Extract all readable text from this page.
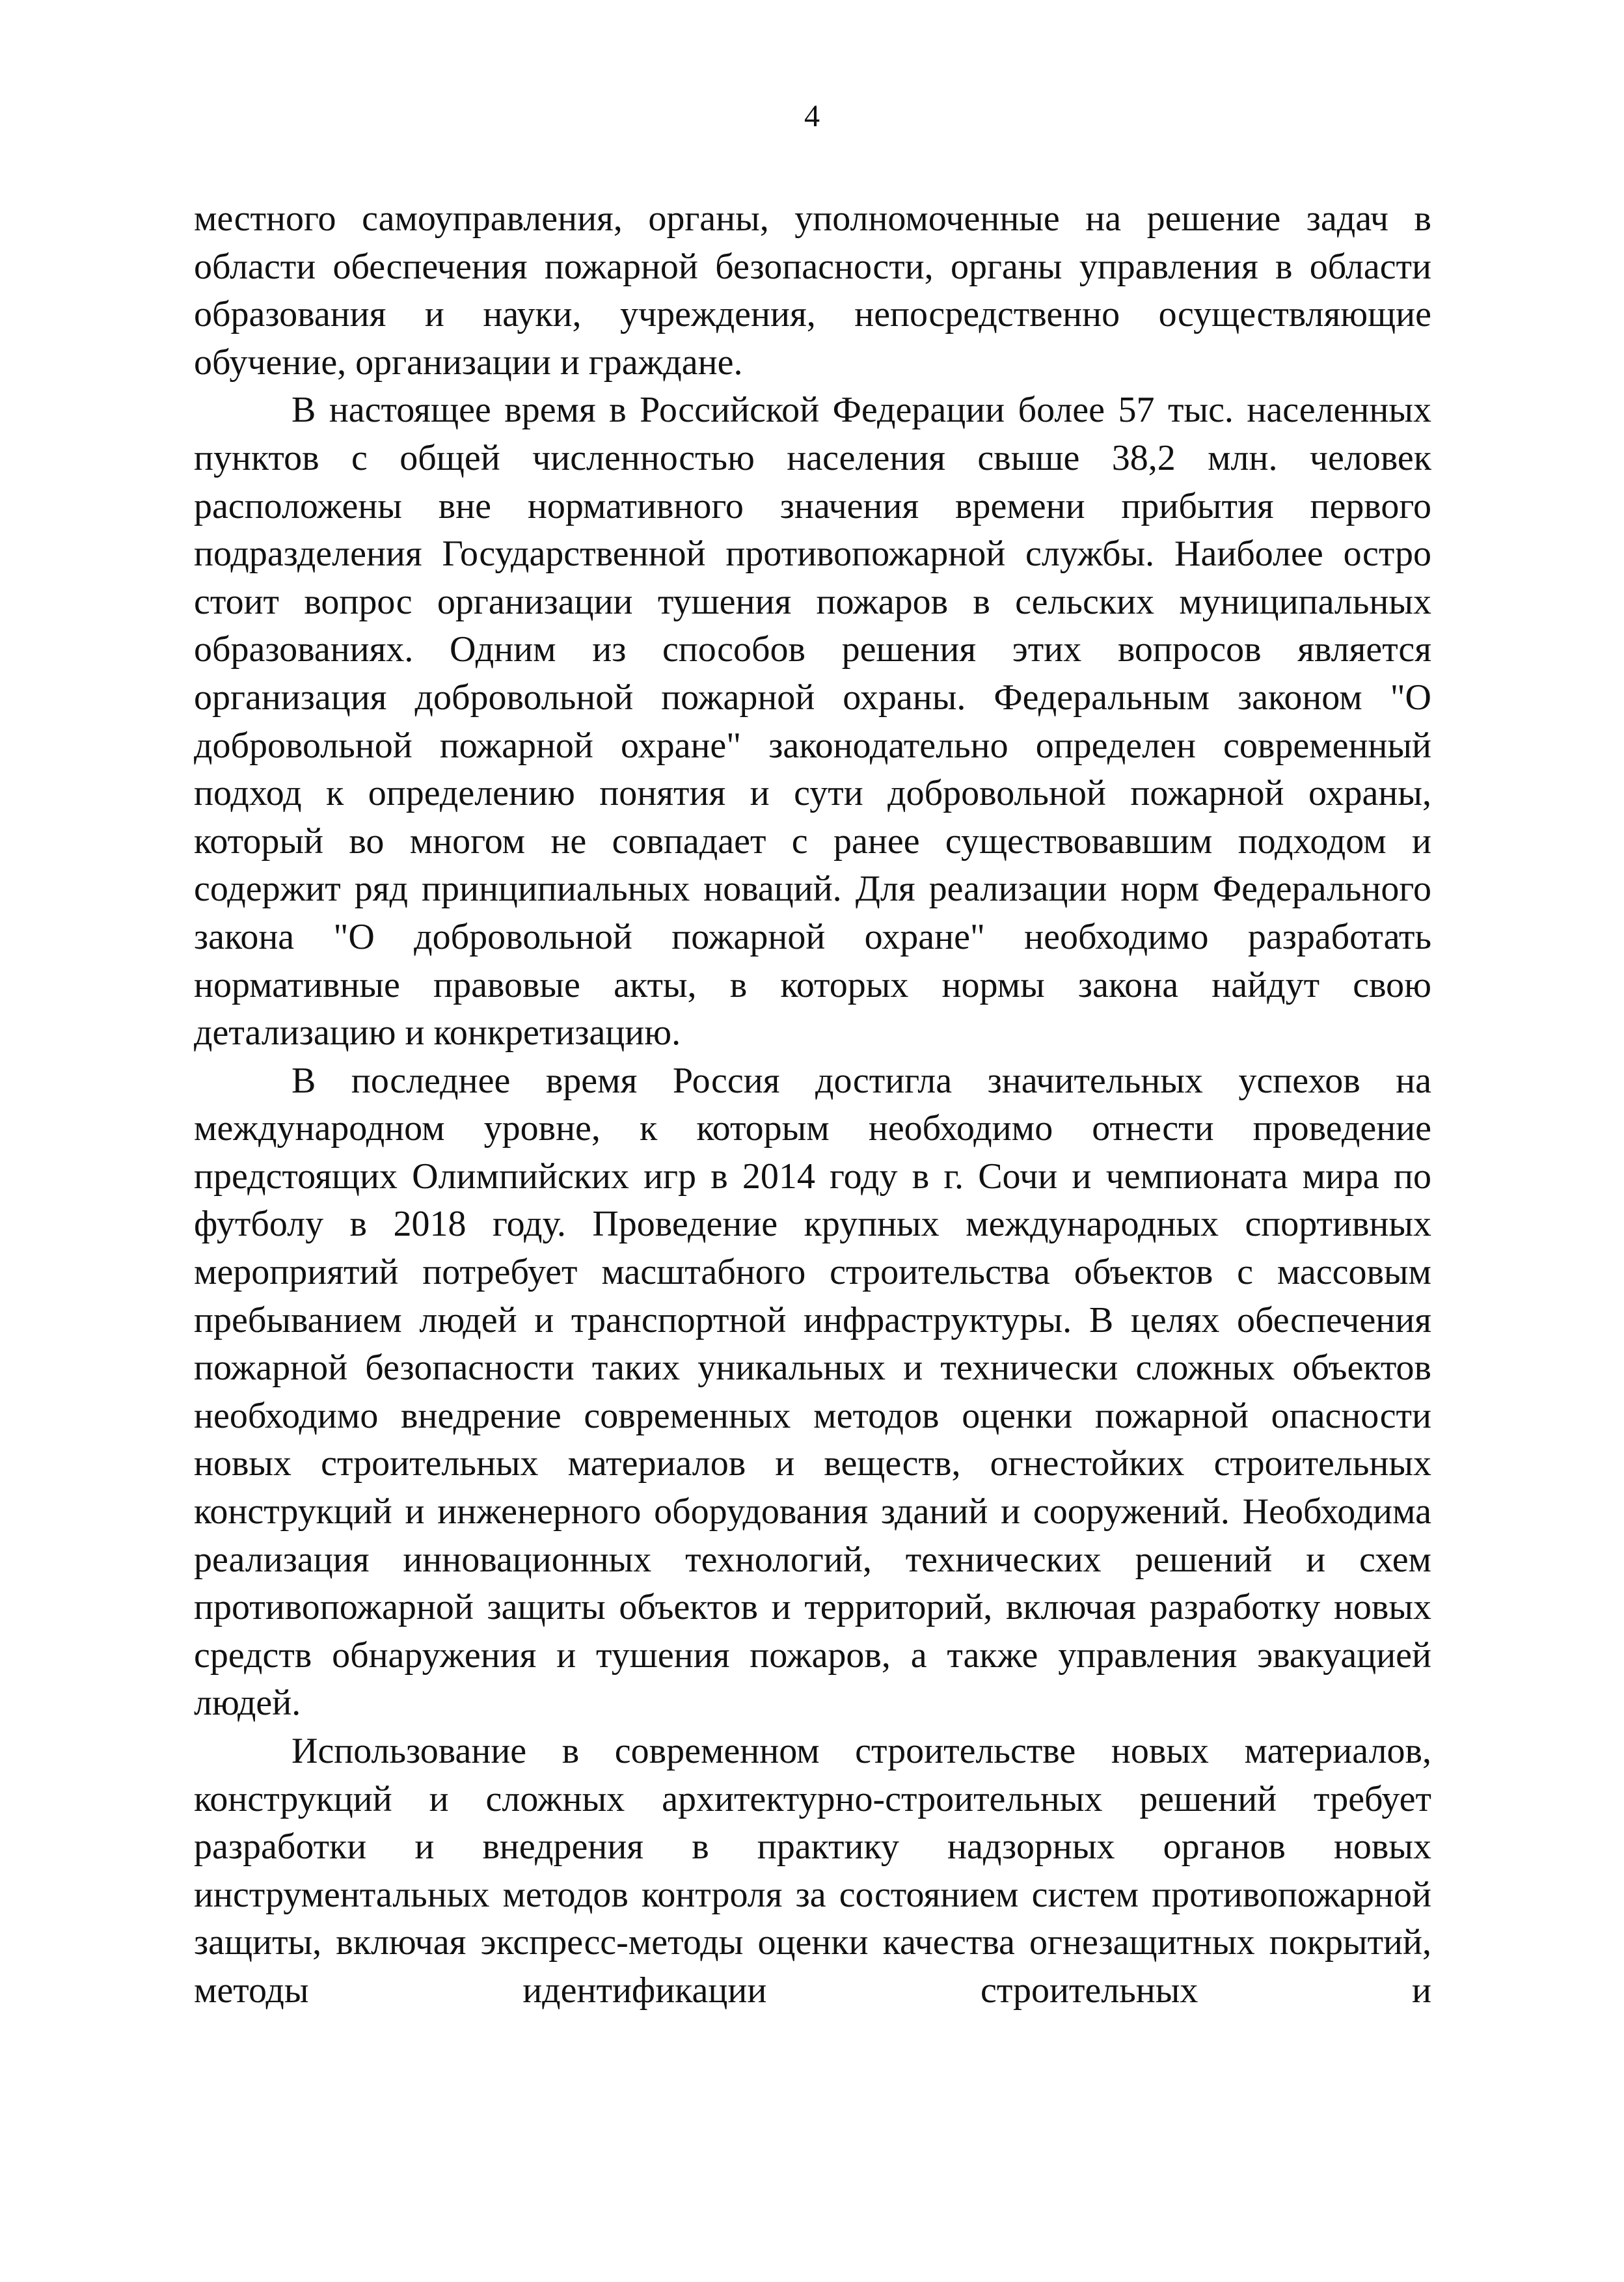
4

местного самоуправления, органы, уполномоченные на решение задач в области обеспечения пожарной безопасности, органы управления в области образования и науки, учреждения, непосредственно осуществляющие обучение, организации и граждане.

В настоящее время в Российской Федерации более 57 тыс. населенных пунктов с общей численностью населения свыше 38,2 млн. человек расположены вне нормативного значения времени прибытия первого подразделения Государственной противопожарной службы. Наиболее остро стоит вопрос организации тушения пожаров в сельских муниципальных образованиях. Одним из способов решения этих вопросов является организация добровольной пожарной охраны. Федеральным законом "О добровольной пожарной охране" законодательно определен современный подход к определению понятия и сути добровольной пожарной охраны, который во многом не совпадает с ранее существовавшим подходом и содержит ряд принципиальных новаций. Для реализации норм Федерального закона "О добровольной пожарной охране" необходимо разработать нормативные правовые акты, в которых нормы закона найдут свою детализацию и конкретизацию.

В последнее время Россия достигла значительных успехов на международном уровне, к которым необходимо отнести проведение предстоящих Олимпийских игр в 2014 году в г. Сочи и чемпионата мира по футболу в 2018 году. Проведение крупных международных спортивных мероприятий потребует масштабного строительства объектов с массовым пребыванием людей и транспортной инфраструктуры. В целях обеспечения пожарной безопасности таких уникальных и технически сложных объектов необходимо внедрение современных методов оценки пожарной опасности новых строительных материалов и веществ, огнестойких строительных конструкций и инженерного оборудования зданий и сооружений. Необходима реализация инновационных технологий, технических решений и схем противопожарной защиты объектов и территорий, включая разработку новых средств обнаружения и тушения пожаров, а также управления эвакуацией людей.

Использование в современном строительстве новых материалов, конструкций и сложных архитектурно-строительных решений требует разработки и внедрения в практику надзорных органов новых инструментальных методов контроля за состоянием систем противопожарной защиты, включая экспресс-методы оценки качества огнезащитных покрытий, методы идентификации строительных и
